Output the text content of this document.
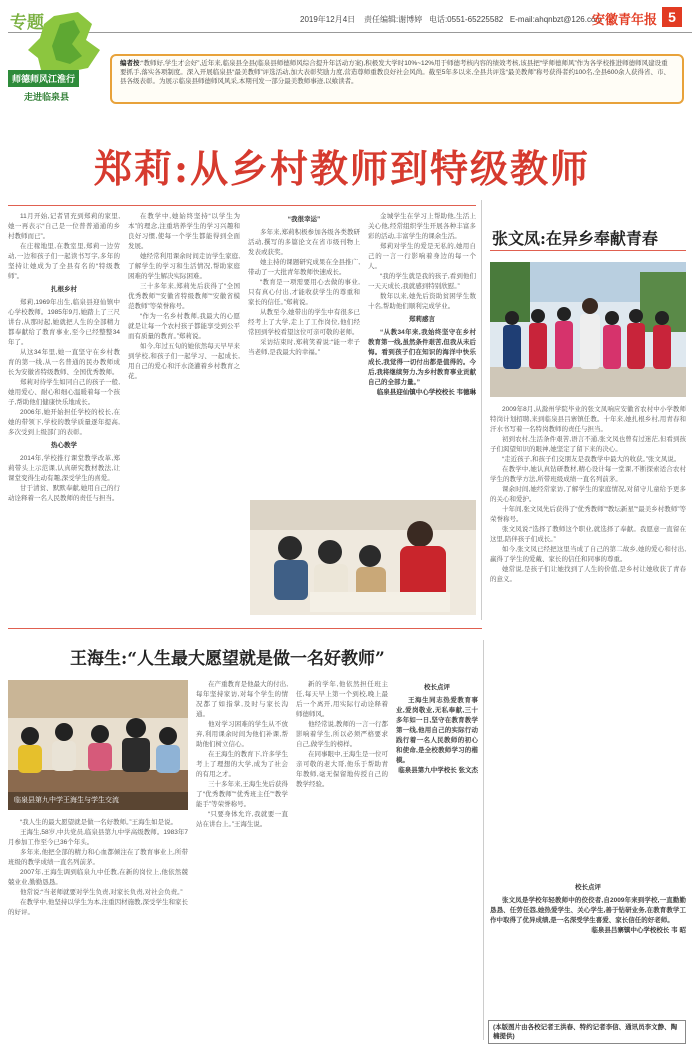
专题	2019年12月4日 责任编辑:谢博婷 电话:0551-65225582 E-mail:ahqnbzt@126.com
安徽青年报 5
师德师风江淮行
走进临泉县

编者按:“教师好,学生才会好”,近年来,临泉县全县(临泉县师德师风综合提升年活动方案),积极发大学时10%~12%用于师德考核内容的绩效考核,该县把“学师德师风”作为各学校推进师德师风建设重要抓手,落实各项制度。深入开展临泉县“最美教师”评选活动,加大表彰奖励力度,营造尊师重教良好社会风尚。截至5年多以来,全县共评选“最美教师”称号获得者约100名,全县600余人获得省、市、县各级表彰。为展示临泉县师德师风风采,本期刊发一部分最美教师事迹,以飨读者。

郑莉:从乡村教师到特级教师

11月开始,记者冒充到郑莉的家里,她一再表示“自己是一位普普通通的乡村教师而已”。

在庄稼地里,在教室里,郑莉一边劳动,一边和孩子们一起读书写字,多年的坚持让她成为了全县有名的“特级教师”。

扎根乡村

郑莉,1969年出生,临泉县迎仙镇中心学校教师。1985年9月,她踏上了三尺讲台,从那时起,她就把人生的全部精力都奉献给了教育事业,至今已经整整34年了。

从这34年里,她一直坚守在乡村教育的第一线,从一名普通的民办教师成长为安徽省特级教师、全国优秀教师。

郑莉对待学生如同自己的孩子一般,她用爱心、耐心和细心温暖着每一个孩子,帮助他们健康快乐地成长。

2006年,她开始担任学校的校长,在她的带领下,学校的教学质量逐年提高,多次受到上级部门的表彰。

热心教学

2014年,学校推行课堂教学改革,郑莉带头上示范课,认真研究教材教法,让课堂变得生动有趣,深受学生的喜爱。

甘于清贫、默默奉献,她用自己的行动诠释着一名人民教师的责任与担当。

在教学中,她始终坚持“以学生为本”的理念,注重培养学生的学习兴趣和良好习惯,使每一个学生都能得到全面发展。

她经常利用课余时间走访学生家庭,了解学生的学习和生活情况,帮助家庭困难的学生解决实际困难。

三十多年来,郑莉先后获得了“全国优秀教师”“安徽省特级教师”“安徽省模范教师”等荣誉称号。

“作为一名乡村教师,我最大的心愿就是让每一个农村孩子都能享受到公平而有质量的教育。”郑莉说。

如今,年过五旬的她依然每天早早来到学校,和孩子们一起学习、一起成长,用自己的爱心和汗水浇灌着乡村教育之花。

“我很幸运”

多年来,郑莉积极参加各级各类教研活动,撰写的多篇论文在省市级刊物上发表或获奖。

她主持的课题研究成果在全县推广,带动了一大批青年教师快速成长。

“教育是一项需要用心去做的事业,只有真心付出,才能收获学生的尊重和家长的信任。”郑莉说。

从教至今,她带出的学生中有很多已经考上了大学,走上了工作岗位,他们经常回到学校看望这位可亲可敬的老师。

采访结束时,郑莉笑着说:“能一辈子当老师,是我最大的幸福。”

金城学生在学习上帮助他,生活上关心他,经常组织学生开展各种丰富多彩的活动,丰富学生的课余生活。

郑莉对学生的爱是无私的,她用自己的一言一行影响着身边的每一个人。

“我的学生就是我的孩子,看到他们一天天成长,我就感到特别欣慰。”

数年以来,她先后资助贫困学生数十名,帮助他们顺利完成学业。

郑莉感言

“从教34年来,我始终坚守在乡村教育第一线,虽然条件艰苦,但我从未后悔。看到孩子们在知识的海洋中快乐成长,我觉得一切付出都是值得的。今后,我将继续努力,为乡村教育事业贡献自己的全部力量。”

临泉县迎仙镇中心学校校长 韦德琳

张文凤:在异乡奉献青春

2009年8月,从滁州学院毕业的张文凤响应安徽省农村中小学教师特岗计划招聘,来到临泉县吕寨镇任教。十年来,她扎根乡村,用青春和汗水书写着一名特岗教师的责任与担当。

初到农村,生活条件艰苦,语言不通,张文凤也曾有过迷茫,但看到孩子们渴望知识的眼神,她坚定了留下来的决心。

“走近孩子,和孩子们交朋友是我教学中最大的收获。”张文凤说。

在教学中,她认真钻研教材,精心设计每一堂课,不断探索适合农村学生的教学方法,所带班级成绩一直名列前茅。

课余时间,她经常家访,了解学生的家庭情况,对留守儿童给予更多的关心和爱护。

十年间,张文凤先后获得了“优秀教师”“教坛新星”“最美乡村教师”等荣誉称号。

张文凤说:“选择了教师这个职业,就选择了奉献。我愿意一直留在这里,陪伴孩子们成长。”

如今,张文凤已经把这里当成了自己的第二故乡,她的爱心和付出,赢得了学生的爱戴、家长的信任和同事的尊重。

她常说,是孩子们让她找到了人生的价值,是乡村让她收获了青春的意义。

校长点评

张文凤是学校年轻教师中的佼佼者,自2009年来到学校,一直勤勤恳恳、任劳任怨,她热爱学生、关心学生,善于钻研业务,在教育教学工作中取得了优异成绩,是一名深受学生喜爱、家长信任的好老师。

临泉县吕寨镇中心学校校长 韦 昭

王海生:“人生最大愿望就是做一名好教师”
临泉县第九中学王海生与学生交流

“我人生的最大愿望就是做一名好教师。”王海生如是说。

王海生,58岁,中共党员,临泉县第九中学高级教师。1983年7月参加工作至今已36个年头。

多年来,他把全部的精力和心血都倾注在了教育事业上,所带班级的教学成绩一直名列前茅。

2007年,王海生调到临泉九中任教,在新的岗位上,他依然兢兢业业,勤勤恳恳。

他常说:“当老师就要对学生负责,对家长负责,对社会负责。”

在教学中,他坚持以学生为本,注重因材施教,深受学生和家长的好评。

在产重教育是他最大的付出,每年坚持家访,对每个学生的情况都了如指掌,及时与家长沟通。

他对学习困难的学生从不放弃,利用课余时间为他们补课,帮助他们树立信心。

在王海生的教育下,许多学生考上了理想的大学,成为了社会的有用之才。

三十多年来,王海生先后获得了“优秀教师”“优秀班主任”“教学能手”等荣誉称号。

“只要身体允许,我就要一直站在讲台上。”王海生说。

新的学年,他依然担任班主任,每天早上第一个到校,晚上最后一个离开,用实际行动诠释着师德师风。

他经常说,教师的一言一行都影响着学生,所以必须严格要求自己,做学生的榜样。

在同事眼中,王海生是一位可亲可敬的老大哥,他乐于帮助青年教师,毫无保留地传授自己的教学经验。

校长点评

王海生同志热爱教育事业,爱岗敬业,无私奉献,三十多年如一日,坚守在教育教学第一线,他用自己的实际行动践行着一名人民教师的初心和使命,是全校教师学习的楷模。

临泉县第九中学校长 张文杰

(本版图片由各校记者王洪春、特约记者李信、通讯员李文静、陶楠提供)
